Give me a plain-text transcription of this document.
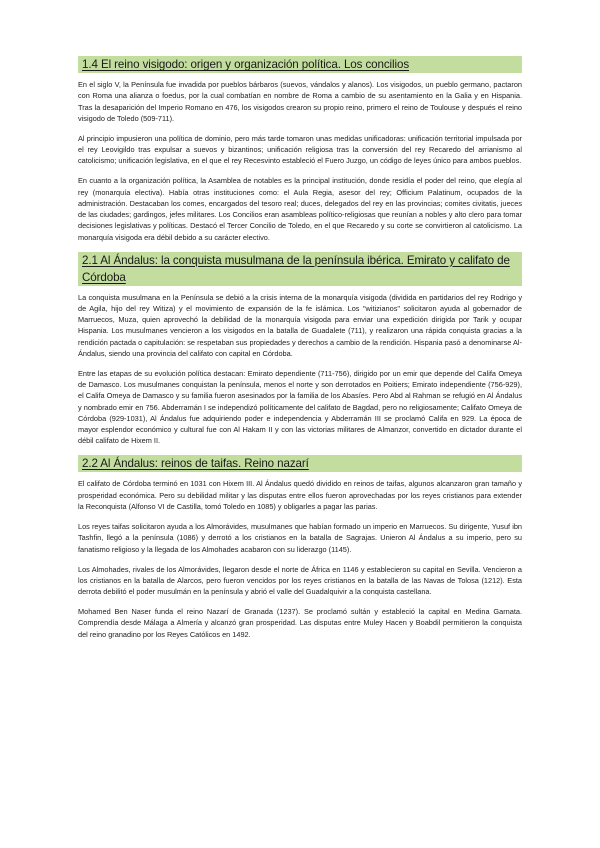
1.4 El reino visigodo: origen y organización política. Los concilios

En el siglo V, la Península fue invadida por pueblos bárbaros (suevos, vándalos y alanos). Los visigodos, un pueblo germano, pactaron con Roma una alianza o foedus, por la cual combatían en nombre de Roma a cambio de su asentamiento en la Galia y en Hispania. Tras la desaparición del Imperio Romano en 476, los visigodos crearon su propio reino, primero el reino de Toulouse y después el reino visigodo de Toledo (509-711).

Al principio impusieron una política de dominio, pero más tarde tomaron unas medidas unificadoras: unificación territorial impulsada por el rey Leovigildo tras expulsar a suevos y bizantinos; unificación religiosa tras la conversión del rey Recaredo del arrianismo al catolicismo; unificación legislativa, en el que el rey Recesvinto estableció el Fuero Juzgo, un código de leyes único para ambos pueblos.

En cuanto a la organización política, la Asamblea de notables es la principal institución, donde residía el poder del reino, que elegía al rey (monarquía electiva). Había otras instituciones como: el Aula Regia, asesor del rey; Officium Palatinum, ocupados de la administración. Destacaban los comes, encargados del tesoro real; duces, delegados del rey en las provincias; comites civitatis, jueces de las ciudades; gardingos, jefes militares. Los Concilios eran asambleas político-religiosas que reunían a nobles y alto clero para tomar decisiones legislativas y políticas. Destacó el Tercer Concilio de Toledo, en el que Recaredo y su corte se convirtieron al catolicismo. La monarquía visigoda era débil debido a su carácter electivo.

2.1 Al Ándalus: la conquista musulmana de la península ibérica. Emirato y califato de Córdoba

La conquista musulmana en la Península se debió a la crisis interna de la monarquía visigoda (dividida en partidarios del rey Rodrigo y de Agila, hijo del rey Witiza) y el movimiento de expansión de la fe islámica. Los "witizianos" solicitaron ayuda al gobernador de Marruecos, Muza, quien aprovechó la debilidad de la monarquía visigoda para enviar una expedición dirigida por Tarik y ocupar Hispania. Los musulmanes vencieron a los visigodos en la batalla de Guadalete (711), y realizaron una rápida conquista gracias a la rendición pactada o capitulación: se respetaban sus propiedades y derechos a cambio de la rendición. Hispania pasó a denominarse Al-Ándalus, siendo una provincia del califato con capital en Córdoba.

Entre las etapas de su evolución política destacan: Emirato dependiente (711-756), dirigido por un emir que depende del Califa Omeya de Damasco. Los musulmanes conquistan la península, menos el norte y son derrotados en Poitiers; Emirato independiente (756-929), el Califa Omeya de Damasco y su familia fueron asesinados por la familia de los Abasíes. Pero Abd al Rahman se refugió en Al Ándalus y nombrado emir en 756. Abderramán I se independizó políticamente del califato de Bagdad, pero no religiosamente; Califato Omeya de Córdoba (929-1031), Al Ándalus fue adquiriendo poder e independencia y Abderramán III se proclamó Califa en 929. La época de mayor esplendor económico y cultural fue con Al Hakam II y con las victorias militares de Almanzor, convertido en dictador durante el débil califato de Hixem II.

2.2 Al Ándalus: reinos de taifas. Reino nazarí

El califato de Córdoba terminó en 1031 con Hixem III. Al Ándalus quedó dividido en reinos de taifas, algunos alcanzaron gran tamaño y prosperidad económica. Pero su debilidad militar y las disputas entre ellos fueron aprovechadas por los reyes cristianos para extender la Reconquista (Alfonso VI de Castilla, tomó Toledo en 1085) y obligarles a pagar las parias.

Los reyes taifas solicitaron ayuda a los Almorávides, musulmanes que habían formado un imperio en Marruecos. Su dirigente, Yusuf ibn Tashfin, llegó a la península (1086) y derrotó a los cristianos en la batalla de Sagrajas. Unieron Al Ándalus a su imperio, pero su fanatismo religioso y la llegada de los Almohades acabaron con su liderazgo (1145).

Los Almohades, rivales de los Almorávides, llegaron desde el norte de África en 1146 y establecieron su capital en Sevilla. Vencieron a los cristianos en la batalla de Alarcos, pero fueron vencidos por los reyes cristianos en la batalla de las Navas de Tolosa (1212). Esta derrota debilitó el poder musulmán en la península y abrió el valle del Guadalquivir a la conquista castellana.

Mohamed Ben Naser funda el reino Nazarí de Granada (1237). Se proclamó sultán y estableció la capital en Medina Garnata. Comprendía desde Málaga a Almería y alcanzó gran prosperidad. Las disputas entre Muley Hacen y Boabdil permitieron la conquista del reino granadino por los Reyes Católicos en 1492.
